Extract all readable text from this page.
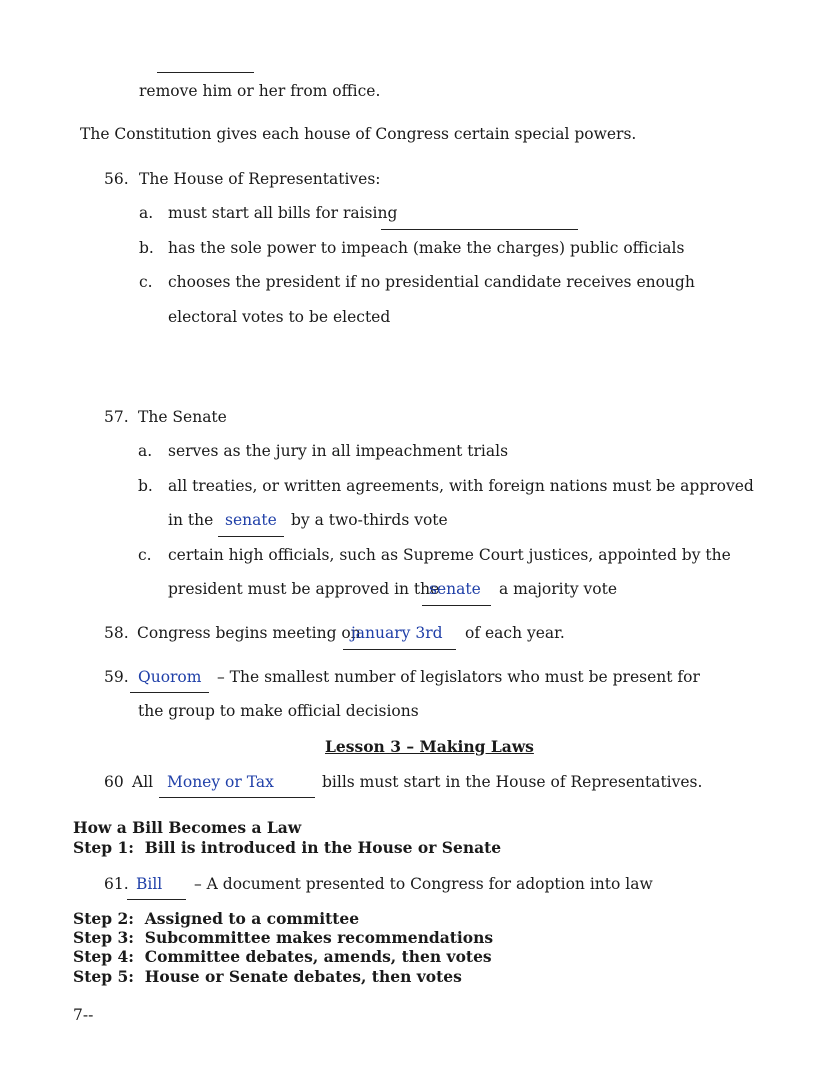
remove him or her from office.
The Constitution gives each house of Congress certain special powers.
56. The House of Representatives:
a. must start all bills for raising
b. has the sole power to impeach (make the charges) public officials
c. chooses the president if no presidential candidate receives enough
electoral votes to be elected
57. The Senate
a. serves as the jury in all impeachment trials
b. all treaties, or written agreements, with foreign nations must be approved
in the senate by a two-thirds vote
c. certain high officials, such as Supreme Court justices, appointed by the
president must be approved in the
senate a majority vote
58. Congress begins meeting on
january 3rd of each year.
59. Quorom – The smallest number of legislators who must be present for
the group to make official decisions
Lesson 3 – Making Laws
60 All Money or Tax	bills must start in the House of Representatives.
How a Bill Becomes a Law
Step 1:  Bill is introduced in the House or Senate
61. Bill – A document presented to Congress for adoption into law
Step 2:  Assigned to a committee
Step 3:  Subcommittee makes recommendations
Step 4:  Committee debates, amends, then votes
Step 5:  House or Senate debates, then votes
7--
